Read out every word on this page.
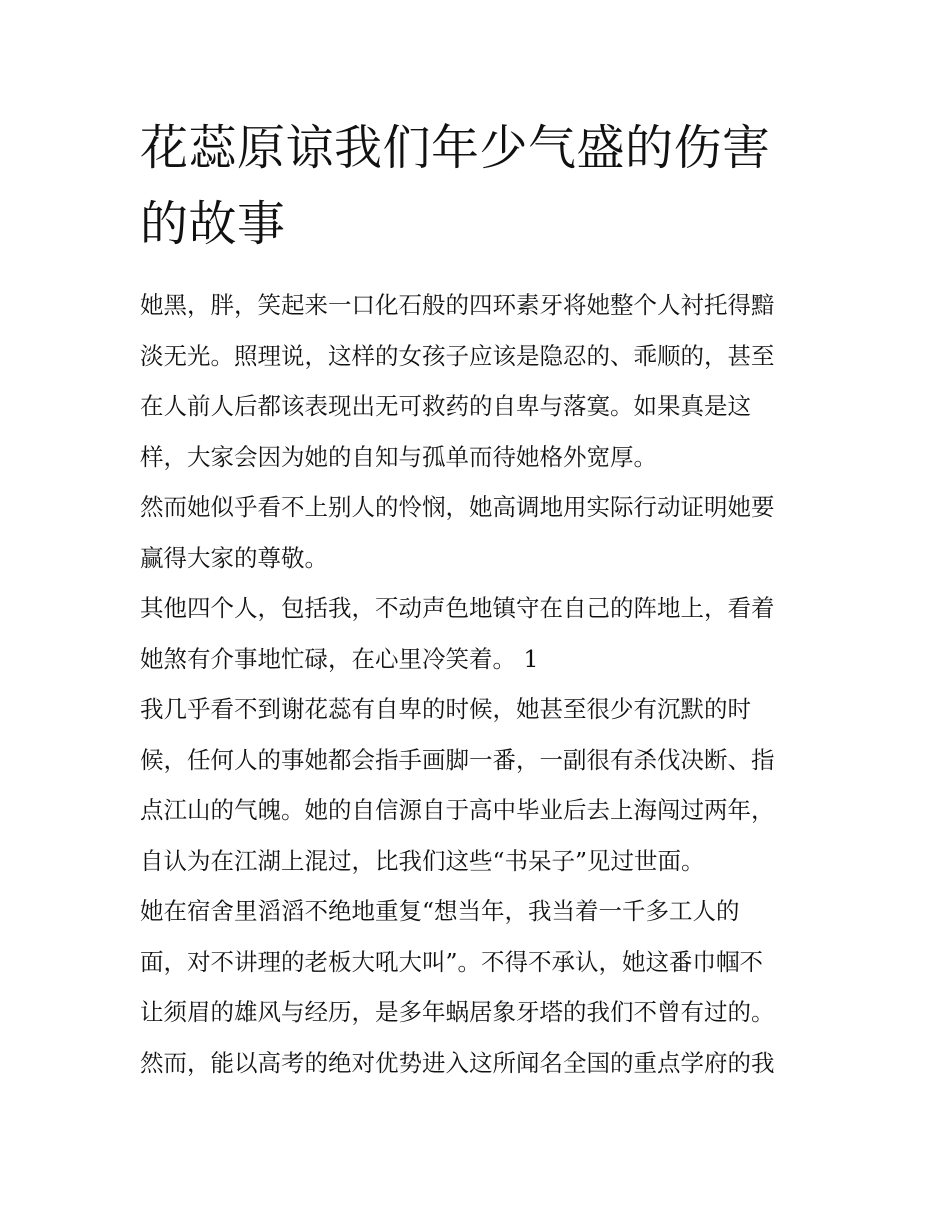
花蕊原谅我们年少气盛的伤害
的故事
她黑，胖，笑起来一口化石般的四环素牙将她整个人衬托得黯
淡无光。照理说，这样的女孩子应该是隐忍的、乖顺的，甚至
在人前人后都该表现出无可救药的自卑与落寞。如果真是这
样，大家会因为她的自知与孤单而待她格外宽厚。
然而她似乎看不上别人的怜悯，她高调地用实际行动证明她要
赢得大家的尊敬。
其他四个人，包括我，不动声色地镇守在自己的阵地上，看着
她煞有介事地忙碌，在心里冷笑着。 1
我几乎看不到谢花蕊有自卑的时候，她甚至很少有沉默的时
候，任何人的事她都会指手画脚一番，一副很有杀伐决断、指
点江山的气魄。她的自信源自于高中毕业后去上海闯过两年，
自认为在江湖上混过，比我们这些“书呆子”见过世面。
她在宿舍里滔滔不绝地重复“想当年，我当着一千多工人的
面，对不讲理的老板大吼大叫”。不得不承认，她这番巾帼不
让须眉的雄风与经历，是多年蜗居象牙塔的我们不曾有过的。
然而，能以高考的绝对优势进入这所闻名全国的重点学府的我
